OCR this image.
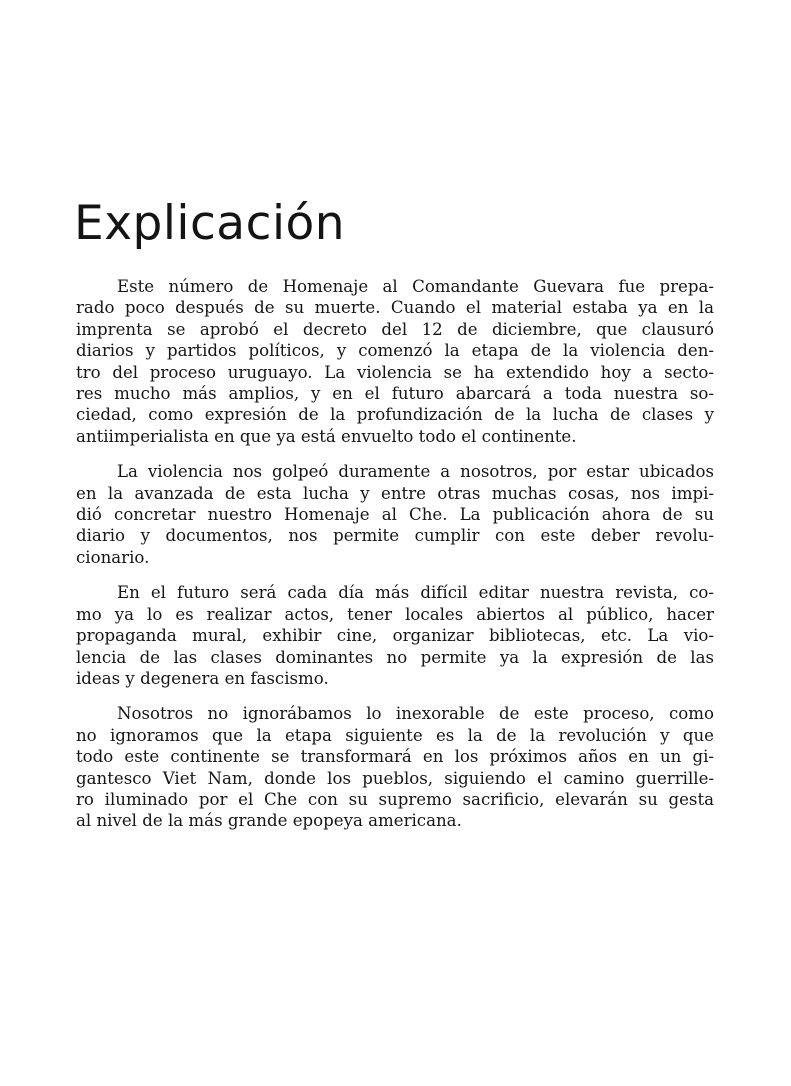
Explicación

Este número de Homenaje al Comandante Guevara fue prepa-
rado poco después de su muerte. Cuando el material estaba ya en la
imprenta se aprobó el decreto del 12 de diciembre, que clausuró
diarios y partidos políticos, y comenzó la etapa de la violencia den-
tro del proceso uruguayo. La violencia se ha extendido hoy a secto-
res mucho más amplios, y en el futuro abarcará a toda nuestra so-
ciedad, como expresión de la profundización de la lucha de clases y
antiimperialista en que ya está envuelto todo el continente.

La violencia nos golpeó duramente a nosotros, por estar ubicados
en la avanzada de esta lucha y entre otras muchas cosas, nos impi-
dió concretar nuestro Homenaje al Che. La publicación ahora de su
diario y documentos, nos permite cumplir con este deber revolu-
cionario.

En el futuro será cada día más difícil editar nuestra revista, co-
mo ya lo es realizar actos, tener locales abiertos al público, hacer
propaganda mural, exhibir cine, organizar bibliotecas, etc. La vio-
lencia de las clases dominantes no permite ya la expresión de las
ideas y degenera en fascismo.

Nosotros no ignorábamos lo inexorable de este proceso, como
no ignoramos que la etapa siguiente es la de la revolución y que
todo este continente se transformará en los próximos años en un gi-
gantesco Viet Nam, donde los pueblos, siguiendo el camino guerrille-
ro iluminado por el Che con su supremo sacrificio, elevarán su gesta
al nivel de la más grande epopeya americana.
